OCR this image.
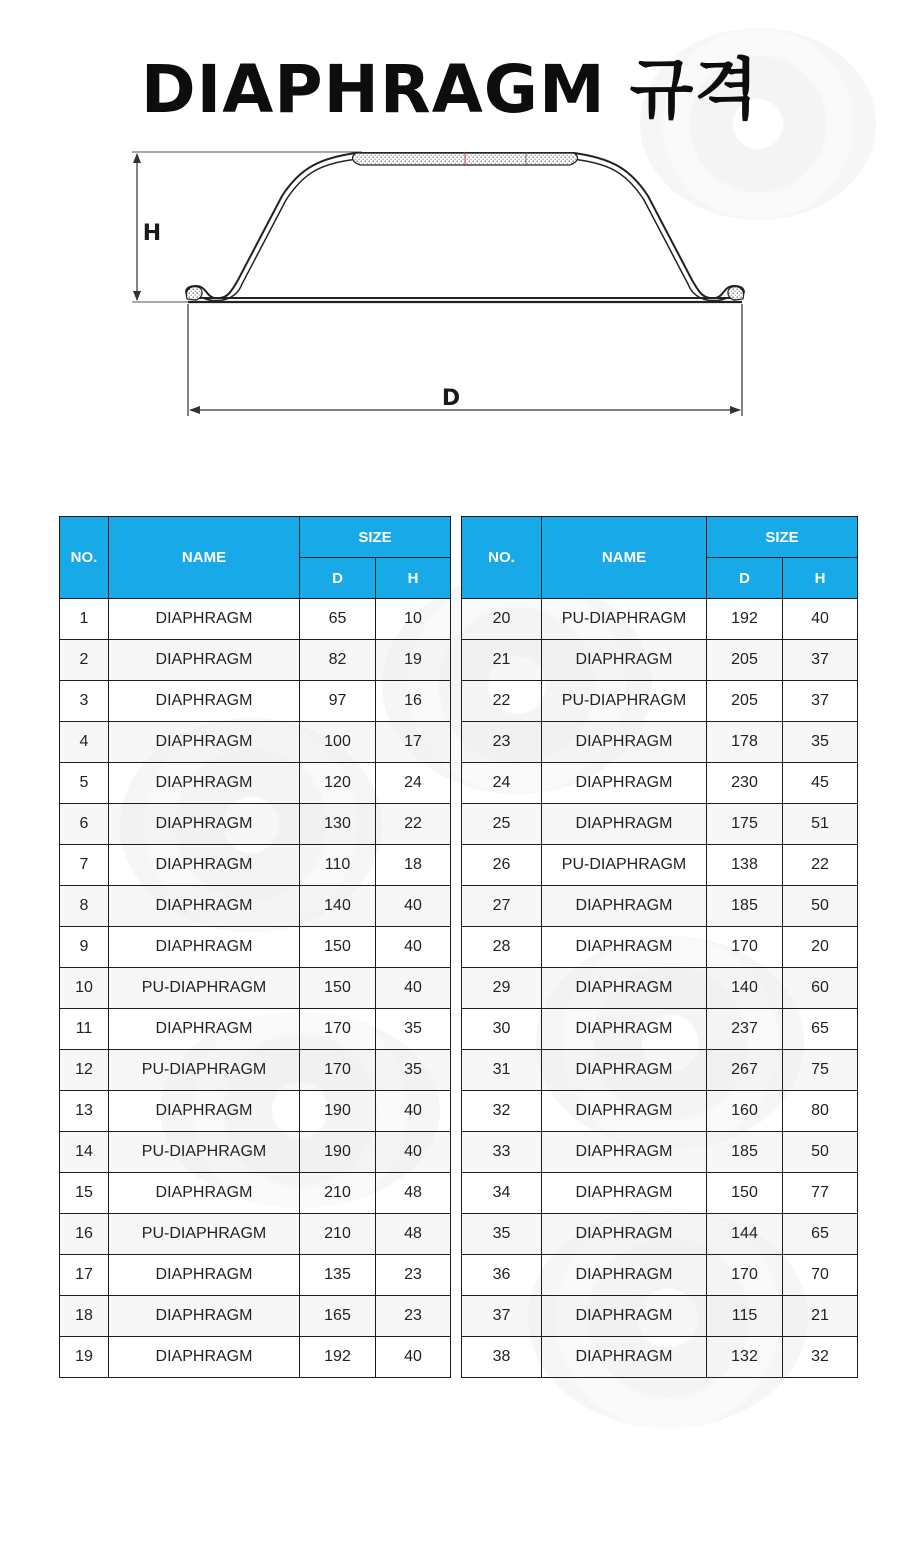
DIAPHRAGM 규격
H
D
NO.	NAME	SIZE	
		D	H
1	DIAPHRAGM	65	10
2	DIAPHRAGM	82	19
3	DIAPHRAGM	97	16
4	DIAPHRAGM	100	17
5	DIAPHRAGM	120	24
6	DIAPHRAGM	130	22
7	DIAPHRAGM	110	18
8	DIAPHRAGM	140	40
9	DIAPHRAGM	150	40
10	PU-DIAPHRAGM	150	40
11	DIAPHRAGM	170	35
12	PU-DIAPHRAGM	170	35
13	DIAPHRAGM	190	40
14	PU-DIAPHRAGM	190	40
15	DIAPHRAGM	210	48
16	PU-DIAPHRAGM	210	48
17	DIAPHRAGM	135	23
18	DIAPHRAGM	165	23
19	DIAPHRAGM	192	40
NO.	NAME	SIZE	
		D	H
20	PU-DIAPHRAGM	192	40
21	DIAPHRAGM	205	37
22	PU-DIAPHRAGM	205	37
23	DIAPHRAGM	178	35
24	DIAPHRAGM	230	45
25	DIAPHRAGM	175	51
26	PU-DIAPHRAGM	138	22
27	DIAPHRAGM	185	50
28	DIAPHRAGM	170	20
29	DIAPHRAGM	140	60
30	DIAPHRAGM	237	65
31	DIAPHRAGM	267	75
32	DIAPHRAGM	160	80
33	DIAPHRAGM	185	50
34	DIAPHRAGM	150	77
35	DIAPHRAGM	144	65
36	DIAPHRAGM	170	70
37	DIAPHRAGM	115	21
38	DIAPHRAGM	132	32
